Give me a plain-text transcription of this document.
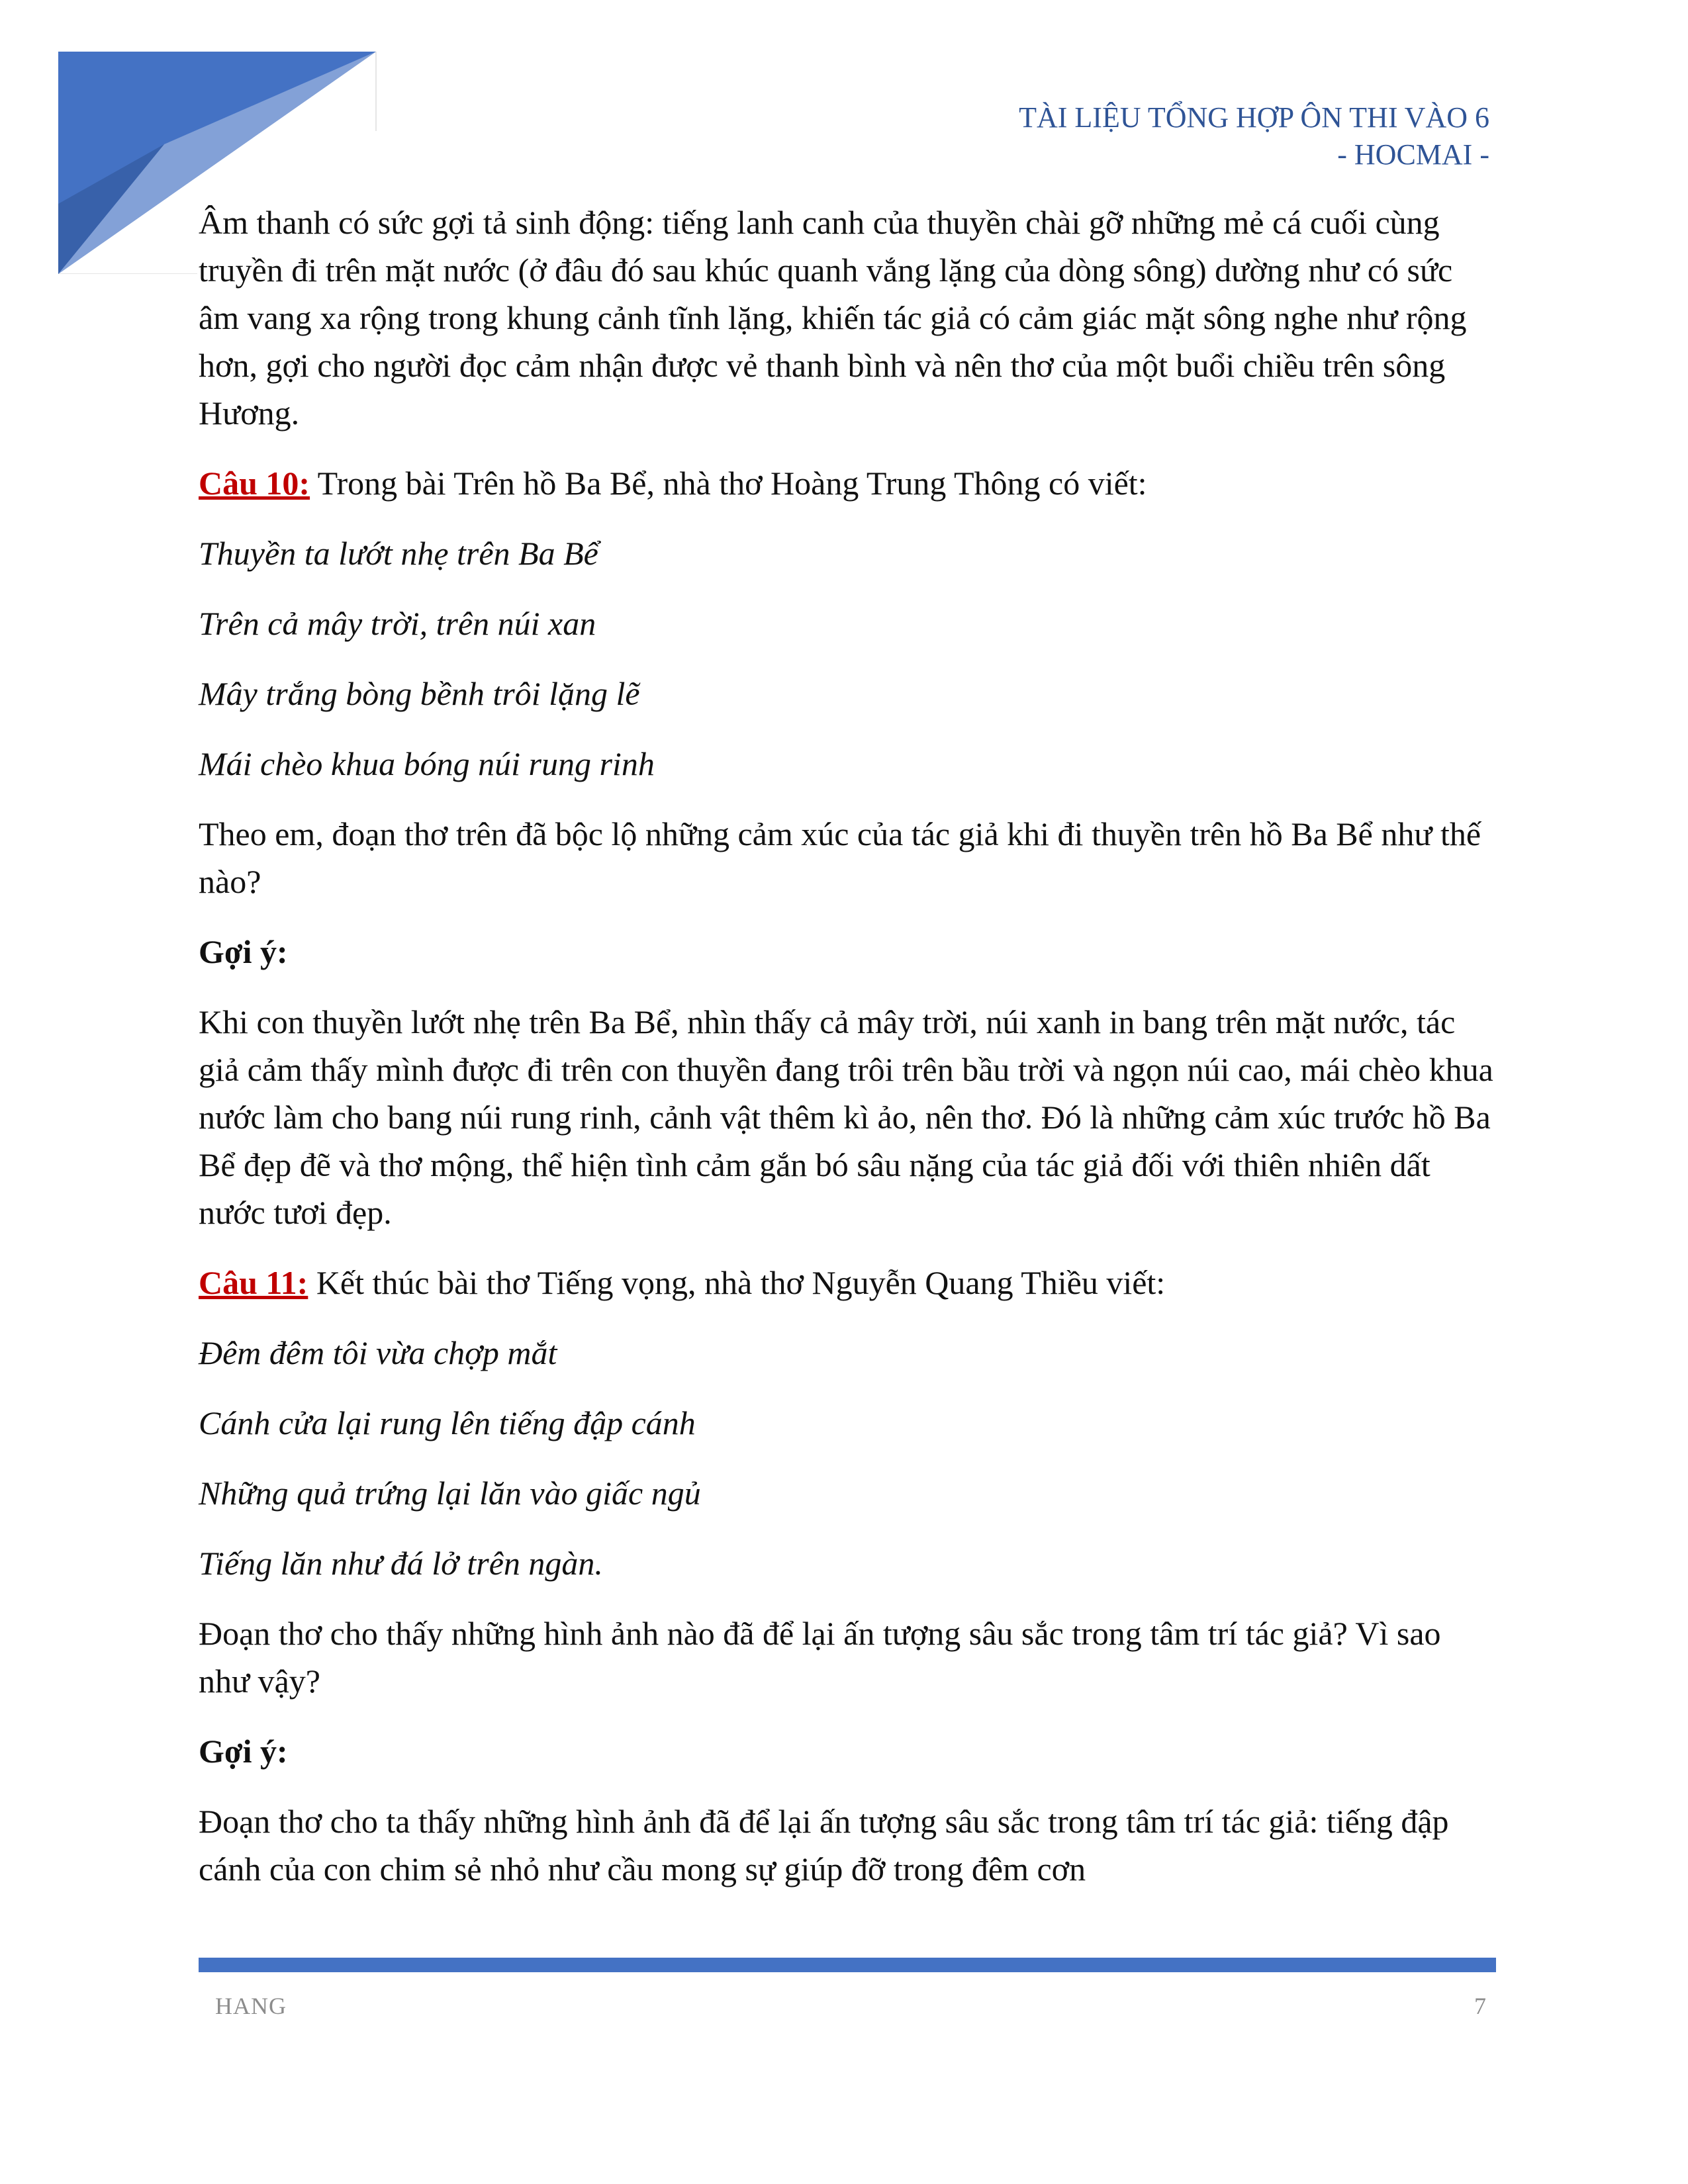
TÀI LIỆU TỔNG HỢP ÔN THI VÀO 6
- HOCMAI -

Âm thanh có sức gợi tả sinh động: tiếng lanh canh của thuyền chài gỡ những mẻ cá cuối cùng truyền đi trên mặt nước (ở đâu đó sau khúc quanh vắng lặng của dòng sông) dường như có sức âm vang xa rộng trong khung cảnh tĩnh lặng, khiến tác giả có cảm giác mặt sông nghe như rộng hơn, gợi cho người đọc cảm nhận được vẻ thanh bình và nên thơ của một buổi chiều trên sông Hương.

Câu 10: Trong bài Trên hồ Ba Bể, nhà thơ Hoàng Trung Thông có viết:

Thuyền ta lướt nhẹ trên Ba Bể

Trên cả mây trời, trên núi xan

Mây trắng bòng bềnh trôi lặng lẽ

Mái chèo khua bóng núi rung rinh

Theo em, đoạn thơ trên đã bộc lộ những cảm xúc của tác giả khi đi thuyền trên hồ Ba Bể như thế nào?

Gợi ý:

Khi con thuyền lướt nhẹ trên Ba Bể, nhìn thấy cả mây trời, núi xanh in bang trên mặt nước, tác giả cảm thấy mình được đi trên con thuyền đang trôi trên bầu trời và ngọn núi cao, mái chèo khua nước làm cho bang núi rung rinh, cảnh vật thêm kì ảo, nên thơ. Đó là những cảm xúc trước hồ Ba Bể đẹp đẽ và thơ mộng, thể hiện tình cảm gắn bó sâu nặng của tác giả đối với thiên nhiên dất nước tươi đẹp.

Câu 11: Kết thúc bài thơ Tiếng vọng, nhà thơ Nguyễn Quang Thiều viết:

Đêm đêm tôi vừa chợp mắt

Cánh cửa lại rung lên tiếng đập cánh

Những quả trứng lại lăn vào giấc ngủ

Tiếng lăn như đá lở trên ngàn.

Đoạn thơ cho thấy những hình ảnh nào đã để lại ấn tượng sâu sắc trong tâm trí tác giả? Vì sao như vậy?

Gợi ý:

Đoạn thơ cho ta thấy những hình ảnh đã để lại ấn tượng sâu sắc trong tâm trí tác giả: tiếng đập cánh của con chim sẻ nhỏ như cầu mong sự giúp đỡ trong đêm cơn

HANG	7
